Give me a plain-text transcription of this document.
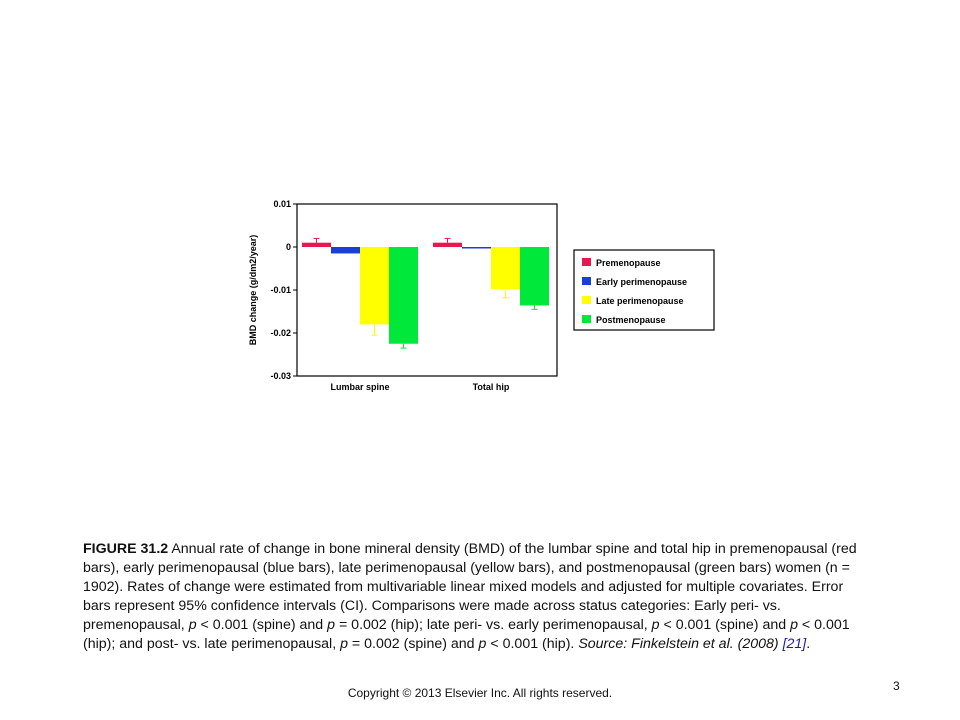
0.01
0
-0.01
-0.02
-0.03
BMD change (g/dm2/year)
Lumbar spine	Total hip
Premenopause
Early perimenopause
Late perimenopause
Postmenopause
FIGURE 31.2 Annual rate of change in bone mineral density (BMD) of the lumbar spine and total hip in premenopausal (red bars), early perimenopausal (blue bars), late perimenopausal (yellow bars), and postmenopausal (green bars) women (n = 1902). Rates of change were estimated from multivariable linear mixed models and adjusted for multiple covariates. Error bars represent 95% confidence intervals (CI). Comparisons were made across status categories: Early peri- vs. premenopausal, p < 0.001 (spine) and p = 0.002 (hip); late peri- vs. early perimenopausal, p < 0.001 (spine) and p < 0.001 (hip); and post- vs. late perimenopausal, p = 0.002 (spine) and p < 0.001 (hip). Source: Finkelstein et al. (2008) [21].
Copyright © 2013 Elsevier Inc. All rights reserved.	3
